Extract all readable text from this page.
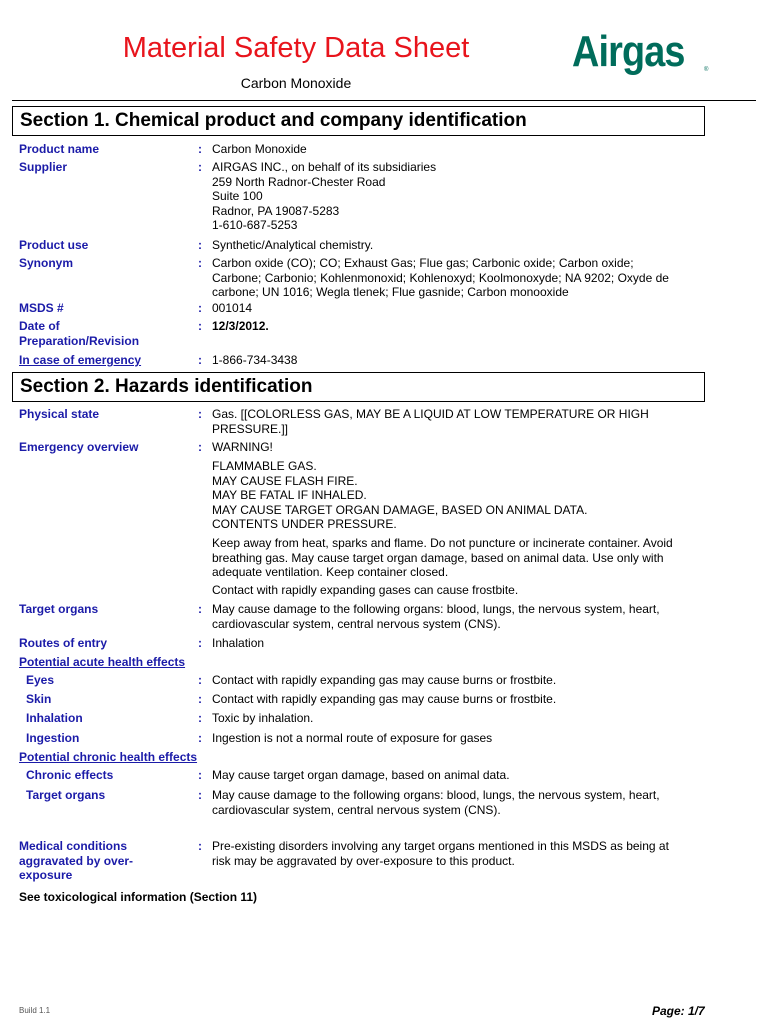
Material Safety Data Sheet
Carbon Monoxide
Airgas	®
Section 1. Chemical product and company identification
Product name	: Carbon Monoxide
Supplier	: AIRGAS INC., on behalf of its subsidiaries
259 North Radnor-Chester Road
Suite 100
Radnor, PA 19087-5283
1-610-687-5253
Product use	: Synthetic/Analytical chemistry.
Synonym	: Carbon oxide (CO); CO; Exhaust Gas; Flue gas; Carbonic oxide; Carbon oxide;
Carbone; Carbonio; Kohlenmonoxid; Kohlenoxyd; Koolmonoxyde; NA 9202; Oxyde de
carbone; UN 1016; Wegla tlenek; Flue gasnide; Carbon monooxide
MSDS #	: 001014
Date of
Preparation/Revision
: 12/3/2012.
In case of emergency	: 1-866-734-3438
Section 2. Hazards identification
Physical state	: Gas. [[COLORLESS GAS, MAY BE A LIQUID AT LOW TEMPERATURE OR HIGH
PRESSURE.]]
Emergency overview	: WARNING!
FLAMMABLE GAS.
MAY CAUSE FLASH FIRE.
MAY BE FATAL IF INHALED.
MAY CAUSE TARGET ORGAN DAMAGE, BASED ON ANIMAL DATA.
CONTENTS UNDER PRESSURE.
Keep away from heat, sparks and flame. Do not puncture or incinerate container. Avoid
breathing gas. May cause target organ damage, based on animal data. Use only with
adequate ventilation. Keep container closed.
Contact with rapidly expanding gases can cause frostbite.
Target organs	: May cause damage to the following organs: blood, lungs, the nervous system, heart,
cardiovascular system, central nervous system (CNS).
Routes of entry	: Inhalation
Potential acute health effects
Eyes	: Contact with rapidly expanding gas may cause burns or frostbite.
Skin	: Contact with rapidly expanding gas may cause burns or frostbite.
Inhalation	: Toxic by inhalation.
Ingestion	: Ingestion is not a normal route of exposure for gases
Potential chronic health effects
Chronic effects	: May cause target organ damage, based on animal data.
Target organs	: May cause damage to the following organs: blood, lungs, the nervous system, heart,
cardiovascular system, central nervous system (CNS).
Medical conditions
aggravated by over-
exposure
: Pre-existing disorders involving any target organs mentioned in this MSDS as being at
risk may be aggravated by over-exposure to this product.
See toxicological information (Section 11)
Build 1.1	Page: 1/7
